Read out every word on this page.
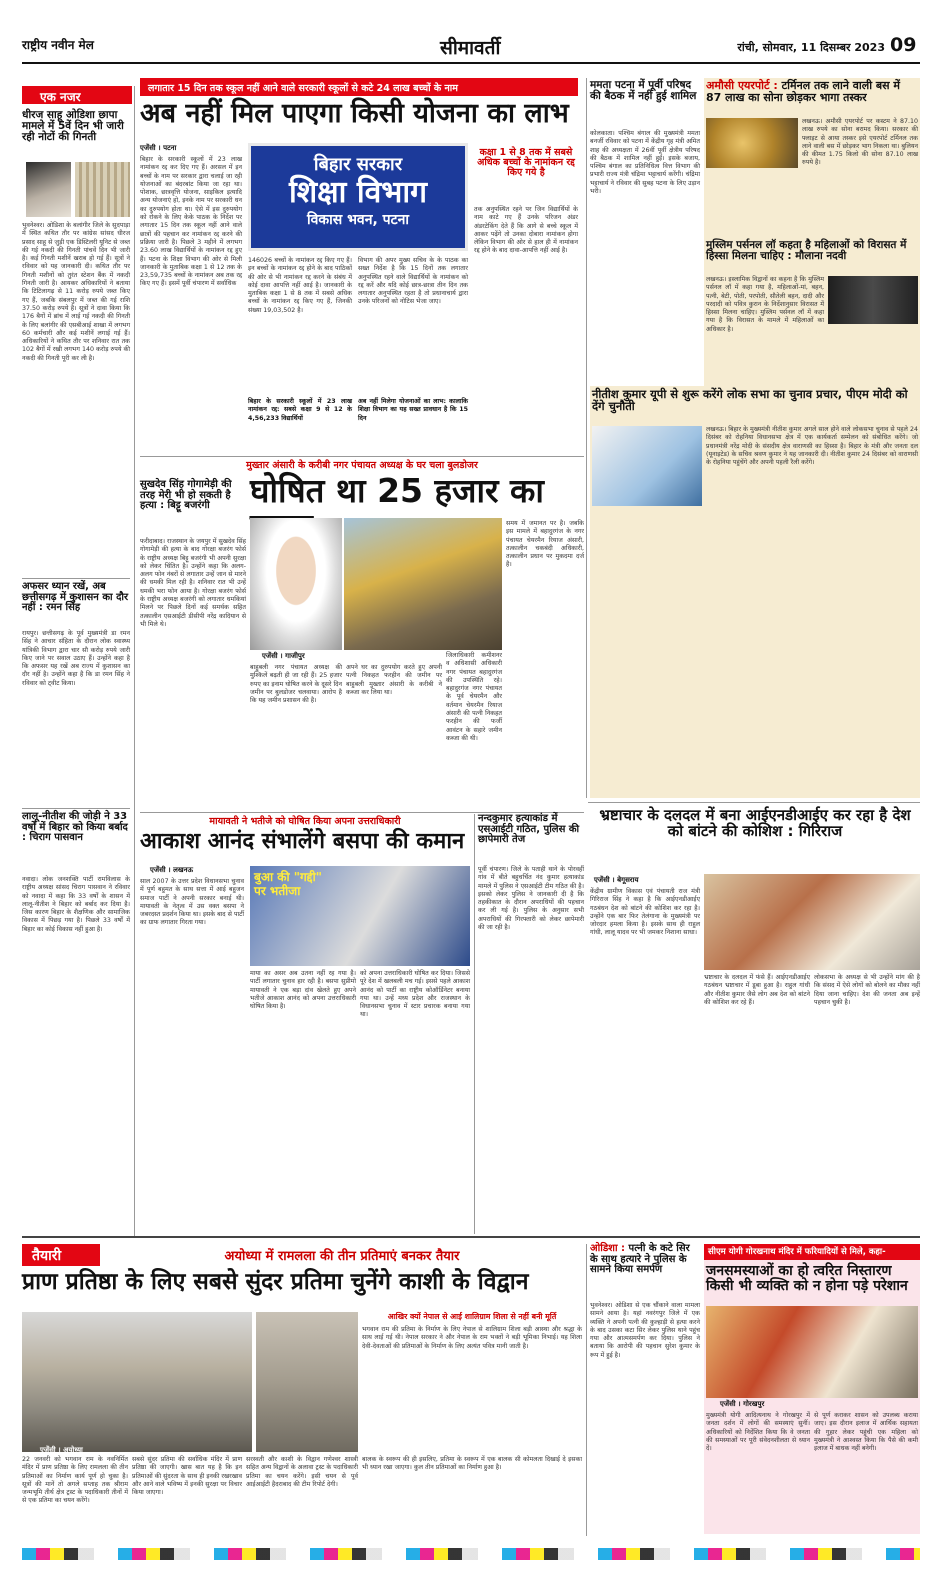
राष्ट्रीय नवीन मेल	सीमावर्ती	रांची, सोमवार, 11 दिसम्बर 2023 09
एक नजर
धीरज साहू ओडिशा छापा मामले में 5वें दिन भी जारी रही नोटों की गिनती
भुवनेश्वर। ओडिशा के बलांगीर जिले के सुदपाड़ा में स्थित कथित तौर पर कांग्रेस सांसद धीरज प्रसाद साहू से जुड़ी एक डिस्टिलरी यूनिट से जब्त की गई नकदी की गिनती पांचवें दिन भी जारी है। कई गिनती मशीनें खराब हो गई हैं। सूत्रों ने रविवार को यह जानकारी दी। कथित तौर पर गिनती मशीनों को तुरंत स्टेशन बैंक में नकदी गिनती जारी है। आयकर अधिकारियों ने बताया कि टिटिलागढ़ से 11 करोड़ रुपये जब्त किए गए हैं, जबकि संबलपुर में जब्त की गई राशि 37.50 करोड़ रुपये है। सूत्रों ने दावा किया कि 176 बैगों में ब्रांच में लाई गई नकदी की गिनती के लिए बलांगीर की एसबीआई शाखा में लगभग 60 कर्मचारी और कई मशीनें लगाई गई हैं। अधिकारियों ने कथित तौर पर शनिवार रात तक 102 बैगों में रखी लगभग 140 करोड़ रुपये की नकदी की गिनती पूरी कर ली है।
अफसर ध्यान रखें, अब छत्तीसगढ़ में कुशासन का दौर नहीं : रमन सिंह
रायपुर। छत्तीसगढ़ के पूर्व मुख्यमंत्री डा रमन सिंह ने आचार संहिता के दौरान लोक स्वास्थ्य यांत्रिकी विभाग द्वारा चार सौ करोड़ रुपये जारी किए जाने पर सवाल उठाए हैं। उन्होंने कहा है कि अफसर यह रखें अब राज्य में कुशासन का दौर नहीं है। उन्होंने कहा है कि डा रमन सिंह ने रविवार को ट्वीट किया।
लालू-नीतीश की जोड़ी ने 33 वर्षों में बिहार को किया बर्बाद : चिराग पासवान
नवादा। लोक जनशक्ति पार्टी रामविलास के राष्ट्रीय अध्यक्ष सांसद चिराग पासवान ने रविवार को नवादा में कहा कि 33 वर्षों के शासन में लालू-नीतीश ने बिहार को बर्बाद कर दिया है। जिस कारण बिहार के शैक्षणिक और सामाजिक विकास में पिछड़ गया है। पिछले 33 वर्षों में बिहार का कोई विकास नहीं हुआ है।
लगातार 15 दिन तक स्कूल नहीं आने वाले सरकारी स्कूलों से कटे 24 लाख बच्चों के नाम
अब नहीं मिल पाएगा किसी योजना का लाभ
एजेंसी । पटना
बिहार के सरकारी स्कूलों में 23 लाख नामांकन रद्द कर दिए गए हैं। अरसल में इन बच्चों के नाम पर सरकार द्वारा चलाई जा रही योजनाओं का बंदरबांट किया जा रहा था। पोशाक, छात्रवृत्ति योजना, साइकिल इत्यादि अन्य योजनाएं हो, इनके नाम पर सरकारी धन का दुरुपयोग होता था। ऐसे में इस दुरुपयोग को रोकने के लिए केके पाठक के निर्देश पर लगातार 15 दिन तक स्कूल नहीं आने वाले छात्रों की पहचान कर नामांकन रद्द करने की प्रक्रिया जारी है। पिछले 3 महीने में लगभग 23.60 लाख विद्यार्थियों के नामांकन रद्द हुए हैं। पटना के शिक्षा विभाग की ओर से मिली जानकारी के मुताबिक कक्षा 1 से 12 तक के 23,59,735 बच्चों के नामांकन अब तक रद्द किए गए हैं। इसमें पूर्वी चंपारण में सर्वाधिक
बिहार सरकार
शिक्षा विभाग
विकास भवन, पटना
कक्षा 1 से 8 तक में सबसे अधिक बच्चों के नामांकन रद्द किए गये है
तक अनुपस्थित रहने पर जिन विद्यार्थियों के नाम काटे गए हैं उनके परिजन अंडर अंडरटेकिंग देते हैं कि आगे से बच्चे स्कूल में आकर पढ़ेंगे तो उनका दोबारा नामांकन होगा लेकिन विभाग की ओर से हाल ही में नामांकन रद्द होने के बाद दावा-आपत्ति नहीं आई है।
146026 बच्चों के नामांकन रद्द किए गए हैं। इन बच्चों के नामांकन रद्द होने के बाद पाठिकों की ओर से भी नामांकन रद्द करने के संबंध में कोई दावा आपत्ति नहीं आई है। जानकारी के मुताबिक कक्षा 1 से 8 तक में सबसे अधिक बच्चों के नामांकन रद्द किए गए हैं, जिनकी संख्या 19,03,502 है।
विभाग की अपर मुख्य सचिव के के पाठक का सख्त निर्देश है कि 15 दिनों तक लगातार अनुपस्थित रहने वाले विद्यार्थियों के नामांकन को रद्द करें और यदि कोई छात्र-छात्रा तीन दिन तक लगातार अनुपस्थित रहता है तो प्रधानाचार्य द्वारा उनके परिजनों को नोटिस भेजा जाए।
बिहार के सरकारी स्कूलों में 23 लाख नामांकन रद्द: सबसे कक्षा 9 से 12 के 4,56,233 विद्यार्थियों
अब नहीं मिलेगा योजनाओं का लाभ: कालाकि शिक्षा विभाग का यह सख्त प्रावधान है कि 15 दिन
ममता पटना में पूर्वी परिषद की बैठक में नहीं हुई शामिल
कोलकाता। पश्चिम बंगाल की मुख्यमंत्री ममता बनर्जी रविवार को पटना में केंद्रीय गृह मंत्री अमित शाह की अध्यक्षता में 26वीं पूर्वी क्षेत्रीय परिषद की बैठक में शामिल नहीं हुईं। इसके बजाय, पश्चिम बंगाल का प्रतिनिधित्व वित्त विभाग की प्रभारी राज्य मंत्री चंद्रिमा भट्टाचार्य करेंगी। चंद्रिमा भट्टाचार्य ने रविवार की सुबह पटना के लिए उड़ान भरी।
अमौसी एयरपोर्ट : टर्मिनल तक लाने वाली बस में 87 लाख का सोना छोड़कर भागा तस्कर
लखनऊ। अमौसी एयरपोर्ट पर कस्टम ने 87.10 लाख रुपये का सोना बरामद किया। सरकार की फ्लाइट से आया तस्कर इसे एयरपोर्ट टर्मिनल तक लाने वाली बस में छोड़कर भाग निकला था। बुलियन की कीमत 1.75 किलो की सोना 87.10 लाख रुपये है।
मुस्लिम पर्सनल लॉ कहता है महिलाओं को विरासत में हिस्सा मिलना चाहिए : मौलाना नदवी
लखनऊ। इस्लामिक विद्वानों का कहना है कि मुस्लिम पर्सनल लॉ में कहा गया है, महिलाओं-मां, बहन, पत्नी, बेटी, पोती, परपोती, सौतेली बहन, दादी और परदादी को पवित्र कुरान के निर्देशानुसार विरासत में हिस्सा मिलना चाहिए। मुस्लिम पर्सनल लॉ में कहा गया है कि विरासत के मामले में महिलाओं का अधिकार है।
नीतीश कुमार यूपी से शुरू करेंगे लोक सभा का चुनाव प्रचार, पीएम मोदी को देंगे चुनौती
लखनऊ। बिहार के मुख्यमंत्री नीतीश कुमार अगले साल होने वाले लोकसभा चुनाव से पहले 24 दिसंबर को रोहनिया विधानसभा क्षेत्र में एक कार्यकर्ता सम्मेलन को संबोधित करेंगे। जो प्रधानमंत्री नरेंद्र मोदी के संसदीय क्षेत्र वाराणसी का हिस्सा है। बिहार के मंत्री और जनता दल (यूनाइटेड) के सचिव श्रवण कुमार ने यह जानकारी दी। नीतीश कुमार 24 दिसंबर को वाराणसी के रोहनिया पहुंचेंगे और अपनी पहली रैली करेंगे।
मुख्तार अंसारी के करीबी नगर पंचायत अध्यक्ष के घर चला बुलडोजर
घोषित था 25 हजार का
सुखदेव सिंह गोगामेड़ी की तरह मेरी भी हो सकती है हत्या : बिट्टू बजरंगी
फरीदाबाद। राजस्थान के जयपुर में सुखदेव सिंह गोगामेड़ी की हत्या के बाद गोरक्षा बजरंग फोर्स के राष्ट्रीय अध्यक्ष बिट्टू बजरंगी भी अपनी सुरक्षा को लेकर चिंतित है। उन्होंने कहा कि अलग-अलग फोन नंबरों से लगातार उन्हें जान से मारने की धमकी मिल रही है। शनिवार रात भी उन्हें धमकी भरा फोन आया है। गोरक्षा बजरंग फोर्स के राष्ट्रीय अध्यक्ष बजरंगी को लगातार धमकियां मिलने पर पिछले दिनों कई समर्थक सहित तत्कालीन एसआईटी डीसीपी नरेंद्र कादियान से भी मिले थे।
एजेंसी । गाजीपुर
बाहुबली नगर पंचायत अध्यक्ष की मुश्किलें बढ़ती ही जा रही हैं। 25 हजार रुपए का इनाम घोषित करने के दूसरे दिन जमीन पर बुलडोजर चलवाया। आरोप है कि यह जमीन प्रशासन की है।
अपने घर का दुरुपयोग करते हुए अपनी पत्नी निकहत फरहीन की जमीन पर बाहुबली मुख्तार अंसारी के करीबी ने कब्जा कर लिया था।
जिलाधिकारी कमीशनर व अधिशासी अधिकारी नगर पंचायत बहादुरगंज की उपस्थिति रहे। बहादुरगंज नगर पंचायत के पूर्व चेयरमैन और वर्तमान चेयरमैन रियाज अंसारी की पत्नी निकहत फरहीन की फर्जी आवंटन के सहारे जमीन कब्जा की थी।
समय में जमानत पर है। जबकि इस मामले में बहादुरगंज के नगर पंचायत चेयरमैन रियाज अंसारी, तत्कालीन चकबंदी अधिकारी, तत्कालीन प्रधान पर मुकदमा दर्ज है।
मायावती ने भतीजे को घोषित किया अपना उत्तराधिकारी
आकाश आनंद संभालेंगे बसपा की कमान
एजेंसी । लखनऊ
साल 2007 के उत्तर प्रदेश विधानसभा चुनाव में पूर्ण बहुमत के साथ सत्ता में आई बहुजन समाज पार्टी ने अपनी सरकार बनाई थी। मायावती के नेतृत्व में उस वक्त बसपा ने जबरदस्त प्रदर्शन किया था। इसके बाद से पार्टी का ग्राफ लगातार गिरता गया।
बुआ की "गद्दी" पर भतीजा
माया का असर अब उतना नहीं रह गया है। पार्टी लगातार चुनाव हार रही है। बसपा सुप्रीमो मायावती ने एक बड़ा दांव खेलते हुए अपने भतीजे आकाश आनंद को अपना उत्तराधिकारी घोषित किया है।
को अपना उत्तराधिकारी घोषित कर दिया। जिससे पूरे देश में खलबली मच गई। इससे पहले आकाश आनंद को पार्टी का राष्ट्रीय कोऑर्डिनेटर बनाया गया था। उन्हें मध्य प्रदेश और राजस्थान के विधानसभा चुनाव में स्टार प्रचारक बनाया गया था।
नन्दकुमार हत्याकांड में एसआईटी गठित, पुलिस की छापेमारी तेज
पूर्वी चंपारण। जिले के पताही थाने के पोरवहीं गांव में बीते बहुचर्चित नंद कुमार हत्याकांड मामले में पुलिस ने एसआईटी टीम गठित की है। इसको लेकर पुलिस ने जानकारी दी है कि तहकीकात के दौरान अपराधियों की पहचान कर ली गई है। पुलिस के अनुसार सभी अपराधियों की गिरफ्तारी को लेकर छापेमारी की जा रही है।
भ्रष्टाचार के दलदल में बना आईएनडीआईए कर रहा है देश को बांटने की कोशिश : गिरिराज
एजेंसी । बेगूसराय
केंद्रीय ग्रामीण विकास एवं पंचायती राज मंत्री गिरिराज सिंह ने कहा है कि आईएनडीआईए गठबंधन देश को बांटने की कोशिश कर रहा है। उन्होंने एक बार फिर तेलंगाना के मुख्यमंत्री पर जोरदार हमला किया है। इसके साथ ही राहुल गांधी, लालू यादव पर भी जमकर निशाना साधा।
भ्रष्टाचार के दलदल में फंसे हैं। आईएनडीआईए गठबंधन भ्रष्टाचार में डूबा हुआ है। राहुल गांधी और नीतीश कुमार जैसे लोग अब देश को बांटने की कोशिश कर रहे हैं।
लोकसभा के अध्यक्ष से भी उन्होंने मांग की है कि संसद में ऐसे लोगों को बोलने का मौका नहीं दिया जाना चाहिए। देश की जनता अब इन्हें पहचान चुकी है।
तैयारी	अयोध्या में रामलला की तीन प्रतिमाएं बनकर तैयार
प्राण प्रतिष्ठा के लिए सबसे सुंदर प्रतिमा चुनेंगे काशी के विद्वान
एजेंसी । अयोध्या
22 जनवरी को भगवान राम के नवनिर्मित मंदिर में प्राण प्रतिष्ठा के लिए रामलला की तीन प्रतिमाओं का निर्माण कार्य पूर्ण हो चुका है। सूत्रों की मानें तो अगले सप्ताह तक श्रीराम जन्मभूमि तीर्थ क्षेत्र ट्रस्ट के पदाधिकारी तीनों में से एक प्रतिमा का चयन करेंगे।
सबसे सुंदर प्रतिमा की सर्वाधिक मंदिर में प्राण प्रतिष्ठा की जाएगी। खास बात यह है कि इन प्रतिमाओं की सुंदरता के साथ ही इनकी रखरखाव और आने वाले भविष्य में इनकी सुरक्षा पर विचार किया जाएगा।
सरस्वती और काशी के विद्वान गणेश्वर शास्त्री सहित अन्य विद्वानों के अलावा ट्रस्ट के पदाधिकारी प्रतिमा का चयन करेंगे। इसी चयन से पूर्व आईआईटी हैदराबाद की टीम रिपोर्ट देगी।
आखिर क्यों नेपाल से आई शालिग्राम शिला से नहीं बनी मूर्ति
भगवान राम की प्रतिमा के निर्माण के लिए नेपाल से शालिग्राम शिला बड़ी आस्था और श्रद्धा के साथ लाई गई थी। नेपाल सरकार ने और नेपाल के राम भक्तों ने बड़ी भूमिका निभाई। यह शिला देवी-देवताओं की प्रतिमाओं के निर्माण के लिए अत्यंत पवित्र मानी जाती है।
बालक के स्वरूप की ही इसलिए, प्रतिमा के स्वरूप में एक बालक सी कोमलता दिखाई दे इसका भी ध्यान रखा जाएगा। कुल तीन प्रतिमाओं का निर्माण हुआ है।
ओडिशा : पत्नी के कटे सिर के साथ हत्यारे ने पुलिस के सामने किया समर्पण
भुवनेश्वर। ओडिशा से एक चौंकाने वाला मामला सामने आया है। यहां नवरंगपुर जिले में एक व्यक्ति ने अपनी पत्नी की कुल्हाड़ी से हत्या करने के बाद उसका कटा सिर लेकर पुलिस थाने पहुंच गया और आत्मसमर्पण कर दिया। पुलिस ने बताया कि आरोपी की पहचान सुरेश कुमार के रूप में हुई है।
सीएम योगी गोरखनाथ मंदिर में फरियादियों से मिले, कहा-
जनसमस्याओं का हो त्वरित निस्तारण किसी भी व्यक्ति को न होना पड़े परेशान
एजेंसी । गोरखपुर
मुख्यमंत्री योगी आदित्यनाथ ने गोरखपुर में जनता दर्शन में लोगों की समस्याएं सुनीं। अधिकारियों को निर्देशित किया कि वे जनता की समस्याओं पर पूरी संवेदनशीलता से ध्यान दें।
से पूर्ण कराकर शासन को उपलब्ध कराया जाए। इस दौरान इलाज में आर्थिक सहायता की गुहार लेकर पहुंची एक महिला को मुख्यमंत्री ने आश्वस्त किया कि पैसे की कमी इलाज में बाधक नहीं बनेगी।
